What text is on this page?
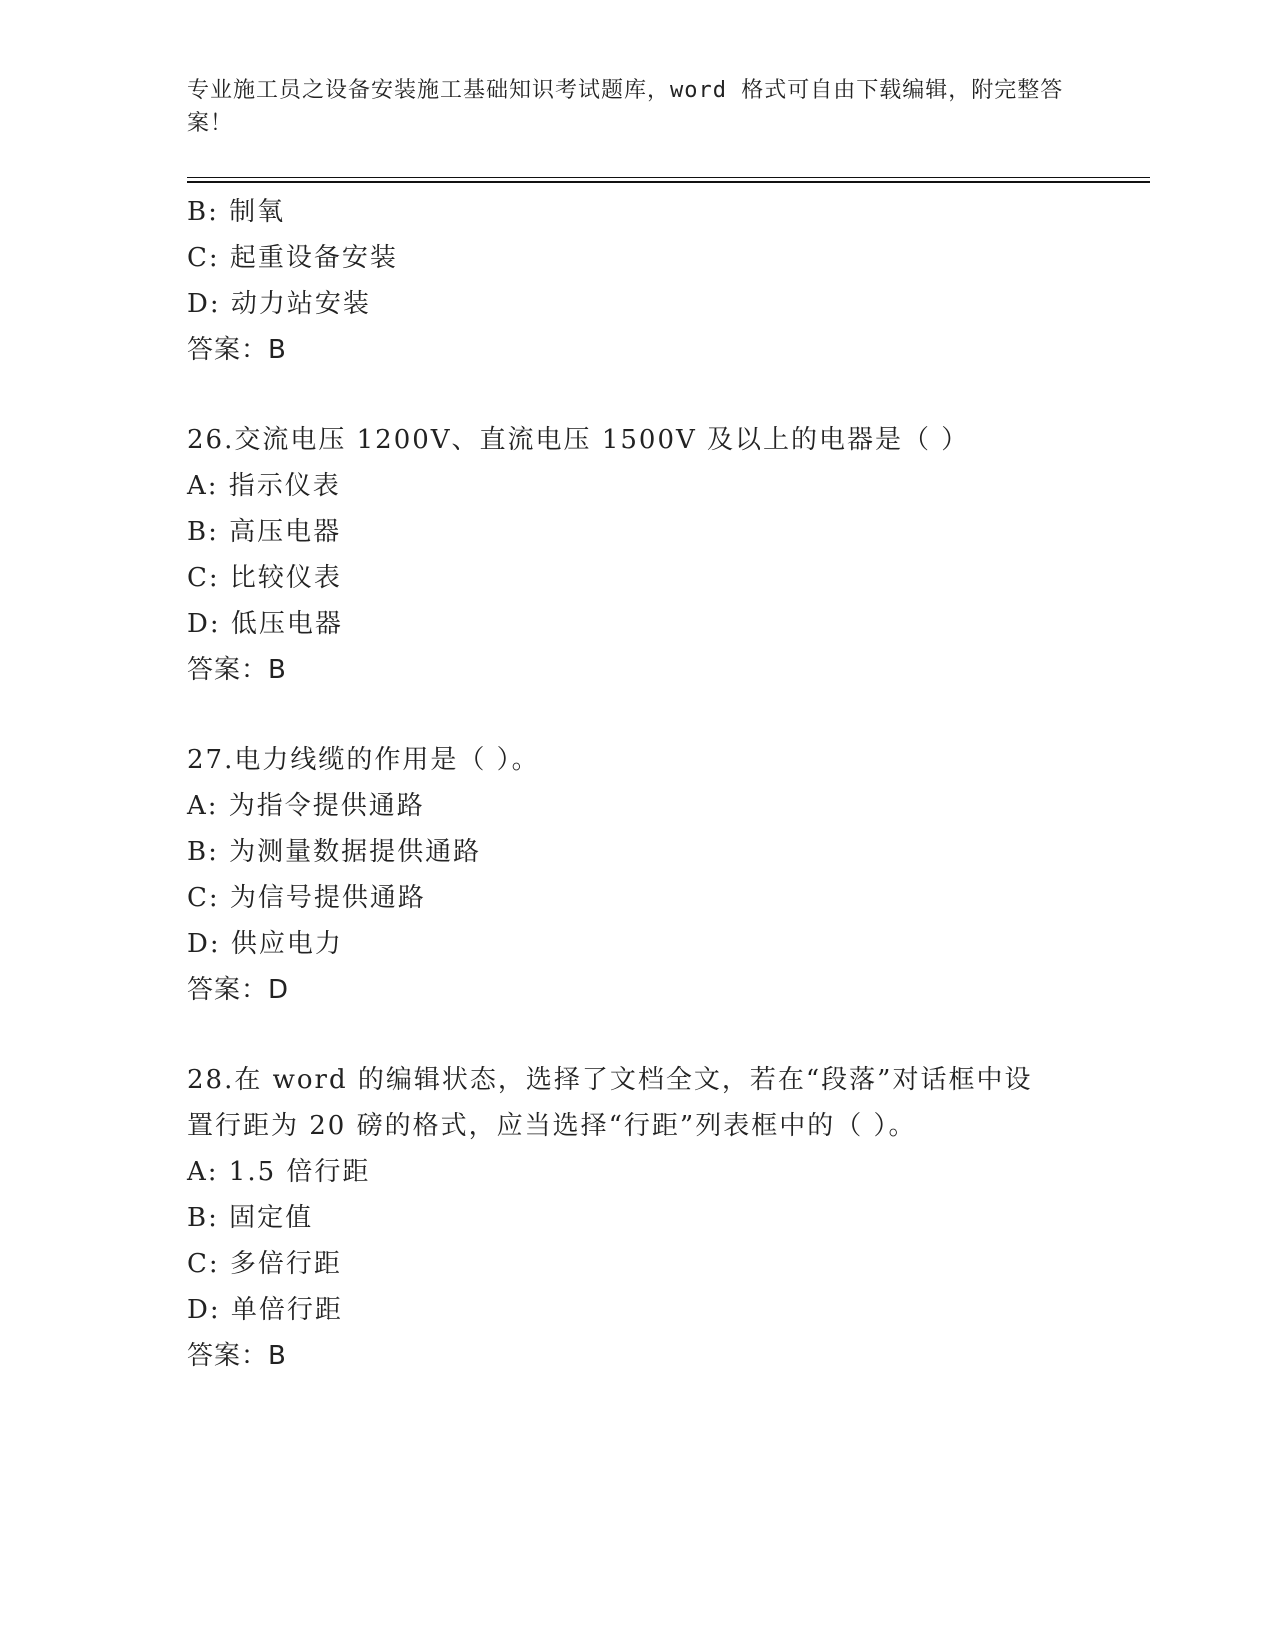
专业施工员之设备安装施工基础知识考试题库，word 格式可自由下载编辑，附完整答案！
B: 制氧
C: 起重设备安装
D: 动力站安装
答案：B
26.交流电压 1200V、直流电压 1500V 及以上的电器是（ ）
A: 指示仪表
B: 高压电器
C: 比较仪表
D: 低压电器
答案：B
27.电力线缆的作用是（ ）。
A: 为指令提供通路
B: 为测量数据提供通路
C: 为信号提供通路
D: 供应电力
答案：D
28.在 word 的编辑状态，选择了文档全文，若在“段落”对话框中设置行距为 20 磅的格式，应当选择“行距”列表框中的（ ）。
A: 1.5 倍行距
B: 固定值
C: 多倍行距
D: 单倍行距
答案：B
